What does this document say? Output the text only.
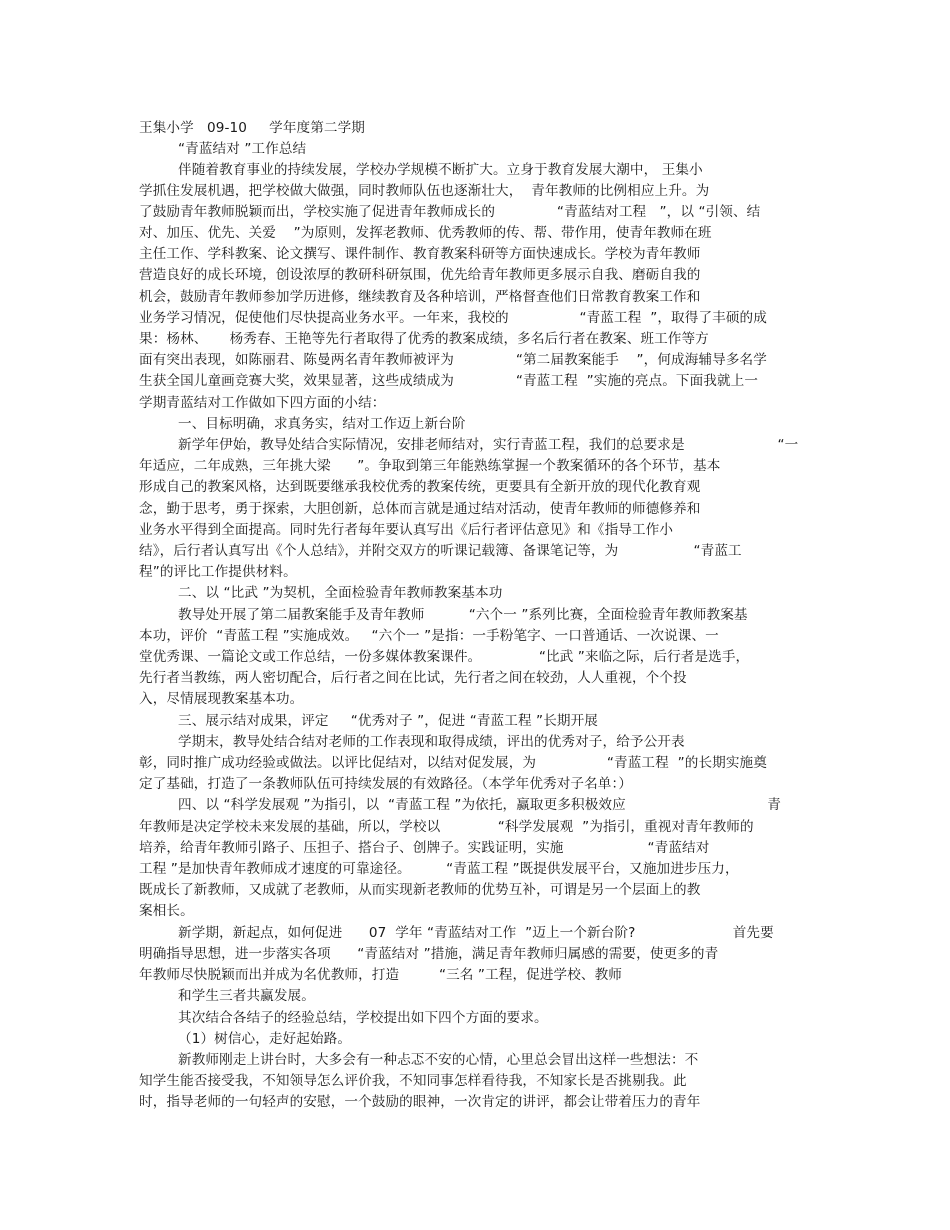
王集小学   09-10     学年度第二学期
“青蓝结对 ”工作总结
伴随着教育事业的持续发展，学校办学规模不断扩大。立身于教育发展大潮中， 王集小
学抓住发展机遇，把学校做大做强，同时教师队伍也逐渐壮大，  青年教师的比例相应上升。为
了鼓励青年教师脱颖而出，学校实施了促进青年教师成长的              “青蓝结对工程   ”，以 “引领、结
对、加压、优先、关爱    ”为原则，发挥老教师、优秀教师的传、帮、带作用，使青年教师在班
主任工作、学科教案、论文撰写、课件制作、教育教案科研等方面快速成长。学校为青年教师
营造良好的成长环境，创设浓厚的教研科研氛围，优先给青年教师更多展示自我、磨砺自我的
机会，鼓励青年教师参加学历进修，继续教育及各种培训，严格督查他们日常教育教案工作和
业务学习情况，促使他们尽快提高业务水平。一年来，我校的                “青蓝工程  ”，取得了丰硕的成
果：杨林、     杨秀春、王艳等先行者取得了优秀的教案成绩，多名后行者在教案、班工作等方
面有突出表现，如陈丽君、陈曼两名青年教师被评为              “第二届教案能手    ”，何成海辅导多名学
生获全国儿童画竞赛大奖，效果显著，这些成绩成为              “青蓝工程  ”实施的亮点。下面我就上一
学期青蓝结对工作做如下四方面的小结：
一、目标明确，求真务实，结对工作迈上新台阶
新学年伊始，教导处结合实际情况，安排老师结对，实行青蓝工程，我们的总要求是                     “一
年适应，二年成熟，三年挑大梁      ”。争取到第三年能熟练掌握一个教案循环的各个环节，基本
形成自己的教案风格，达到既要继承我校优秀的教案传统，更要具有全新开放的现代化教育观
念，勤于思考，勇于探索，大胆创新，总体而言就是通过结对活动，使青年教师的师德修养和
业务水平得到全面提高。同时先行者每年要认真写出《后行者评估意见》和《指导工作小
结》，后行者认真写出《个人总结》，并附交双方的听课记载簿、备课笔记等，为                 “青蓝工
程”的评比工作提供材料。
二、以 “比武 ”为契机，全面检验青年教师教案基本功
教导处开展了第二届教案能手及青年教师          “六个一 ”系列比赛，全面检验青年教师教案基
本功，评价  “青蓝工程 ”实施成效。   “六个一 ”是指：一手粉笔字、一口普通话、一次说课、一
堂优秀课、一篇论文或工作总结，一份多媒体教案课件。             “比武 ”来临之际，后行者是选手，
先行者当教练，两人密切配合，后行者之间在比试，先行者之间在较劲，人人重视，个个投
入，尽情展现教案基本功。
三、展示结对成果，评定     “优秀对子 ”，促进 “青蓝工程 ”长期开展
学期末，教导处结合结对老师的工作表现和取得成绩，评出的优秀对子，给予公开表
彰，同时推广成功经验或做法。以评比促结对，以结对促发展，为                “青蓝工程  ”的长期实施奠
定了基础，打造了一条教师队伍可持续发展的有效路径。（本学年优秀对子名单：）
四、以 “科学发展观 ”为指引，以  “青蓝工程 ”为依托，赢取更多积极效应                                青
年教师是决定学校未来发展的基础，所以，学校以             “科学发展观  ”为指引，重视对青年教师的
培养，给青年教师引路子、压担子、搭台子、创牌子。实践证明，实施                   “青蓝结对
工程 ”是加快青年教师成才速度的可靠途径。        “青蓝工程 ”既提供发展平台，又施加进步压力，
既成长了新教师，又成就了老教师，从而实现新老教师的优势互补，可谓是另一个层面上的教
案相长。
新学期，新起点，如何促进      07  学年 “青蓝结对工作  ”迈上一个新台阶?                      首先要
明确指导思想，进一步落实各项      “青蓝结对 ”措施，满足青年教师归属感的需要，使更多的青
年教师尽快脱颖而出并成为名优教师，打造         “三名 ”工程，促进学校、教师
和学生三者共赢发展。
其次结合各结子的经验总结，学校提出如下四个方面的要求。
（1）树信心，走好起始路。
新教师刚走上讲台时，大多会有一种忐忑不安的心情，心里总会冒出这样一些想法：不
知学生能否接受我，不知领导怎么评价我，不知同事怎样看待我，不知家长是否挑剔我。此
时，指导老师的一句轻声的安慰，一个鼓励的眼神，一次肯定的讲评，都会让带着压力的青年
